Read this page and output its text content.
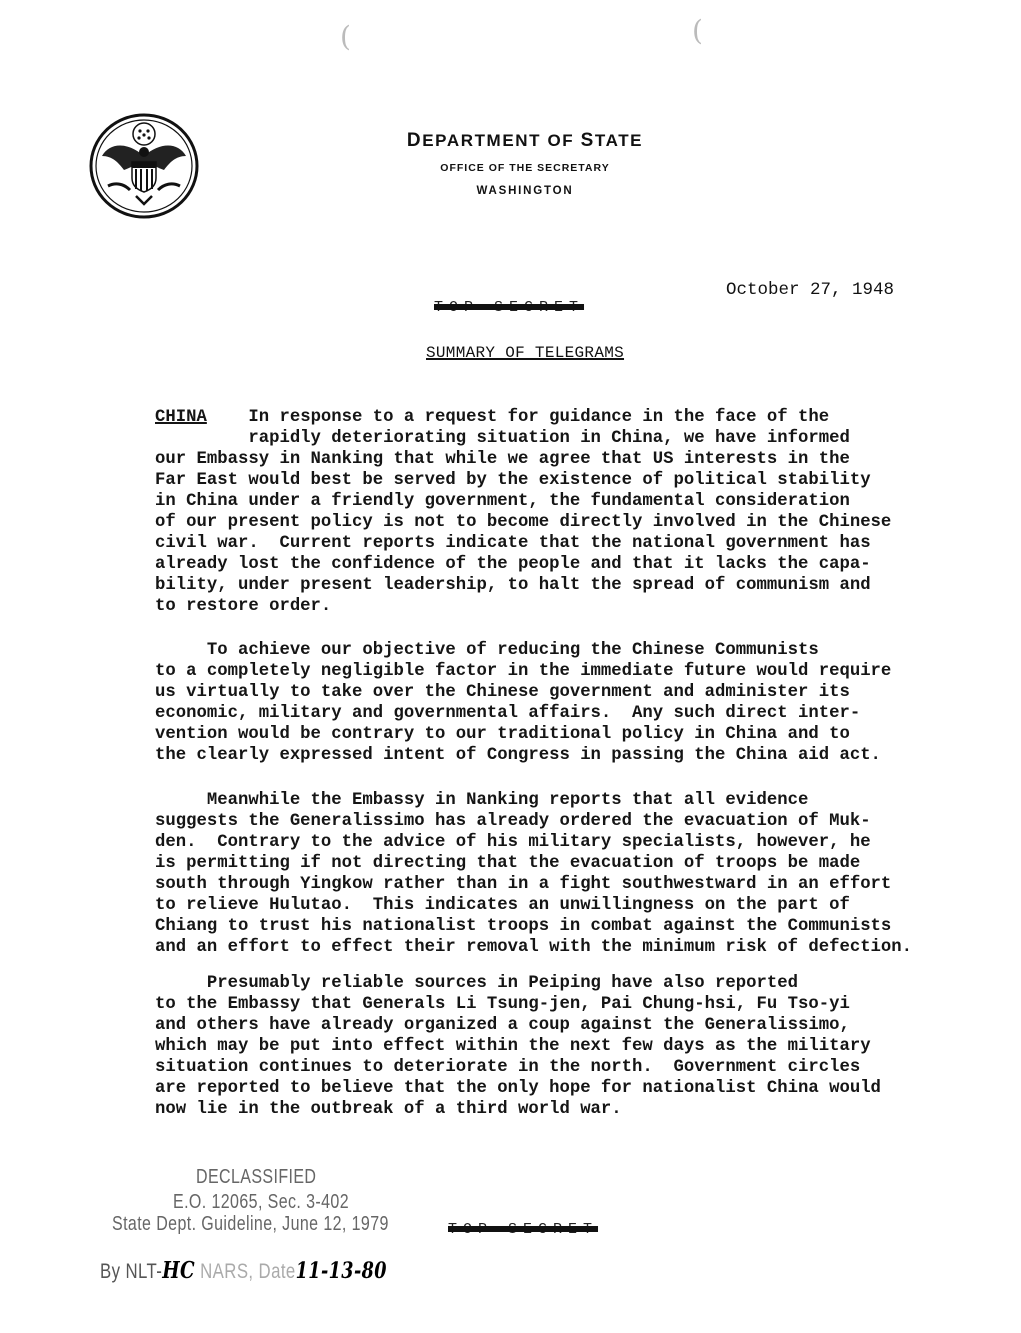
(	(
DEPARTMENT OF STATE
OFFICE OF THE SECRETARY
WASHINGTON
October 27, 1948
TOP SECRET
SUMMARY OF TELEGRAMS
CHINA In response to a request for guidance in the face of the
rapidly deteriorating situation in China, we have informed
our Embassy in Nanking that while we agree that US interests in the
Far East would best be served by the existence of political stability
in China under a friendly government, the fundamental consideration
of our present policy is not to become directly involved in the Chinese
civil war.  Current reports indicate that the national government has
already lost the confidence of the people and that it lacks the capa-
bility, under present leadership, to halt the spread of communism and
to restore order.
To achieve our objective of reducing the Chinese Communists
to a completely negligible factor in the immediate future would require
us virtually to take over the Chinese government and administer its
economic, military and governmental affairs.  Any such direct inter-
vention would be contrary to our traditional policy in China and to
the clearly expressed intent of Congress in passing the China aid act.
Meanwhile the Embassy in Nanking reports that all evidence
suggests the Generalissimo has already ordered the evacuation of Muk-
den.  Contrary to the advice of his military specialists, however, he
is permitting if not directing that the evacuation of troops be made
south through Yingkow rather than in a fight southwestward in an effort
to relieve Hulutao.  This indicates an unwillingness on the part of
Chiang to trust his nationalist troops in combat against the Communists
and an effort to effect their removal with the minimum risk of defection.
Presumably reliable sources in Peiping have also reported
to the Embassy that Generals Li Tsung-jen, Pai Chung-hsi, Fu Tso-yi
and others have already organized a coup against the Generalissimo,
which may be put into effect within the next few days as the military
situation continues to deteriorate in the north.  Government circles
are reported to believe that the only hope for nationalist China would
now lie in the outbreak of a third world war.
DECLASSIFIED
E.O. 12065, Sec. 3-402
State Dept. Guideline, June 12, 1979
By NLT-HC NARS, Date11-13-80
TOP SECRET
